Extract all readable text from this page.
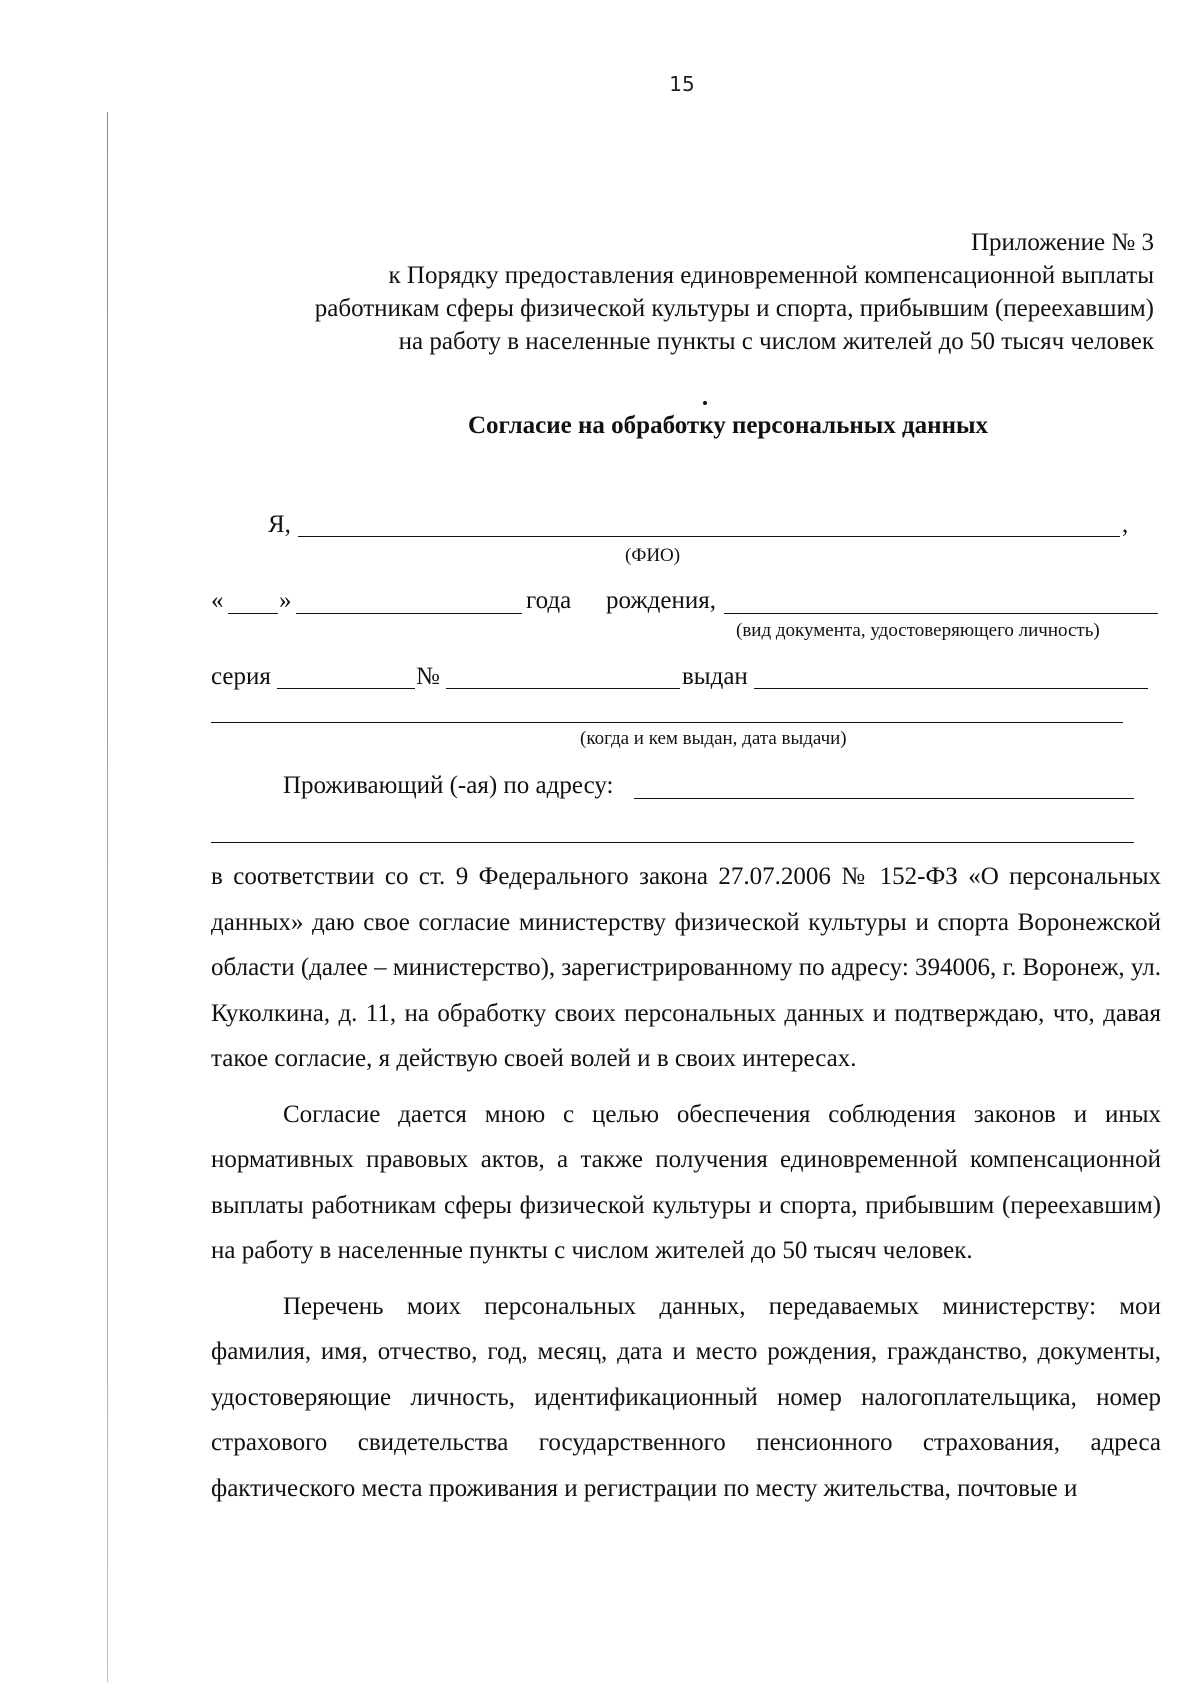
15
Приложение № 3
к Порядку предоставления единовременной компенсационной выплаты
работникам сферы физической культуры и спорта, прибывшим (переехавшим)
на работу в населенные пункты с числом жителей до 50 тысяч человек
Согласие на обработку персональных данных
Я,	,
(ФИО)
« »	года рождения,
(вид документа, удостоверяющего личность)
серия	№	выдан
(когда и кем выдан, дата выдачи)
Проживающий (-ая) по адресу:

в соответствии со ст. 9 Федерального закона 27.07.2006 № 152-ФЗ «О персональных данных» даю свое согласие министерству физической культуры и спорта Воронежской области (далее – министерство), зарегистрированному по адресу: 394006, г. Воронеж, ул. Куколкина, д. 11, на обработку своих персональных данных и подтверждаю, что, давая такое согласие, я действую своей волей и в своих интересах.

Согласие дается мною с целью обеспечения соблюдения законов и иных нормативных правовых актов, а также получения единовременной компенсационной выплаты работникам сферы физической культуры и спорта, прибывшим (переехавшим) на работу в населенные пункты с числом жителей до 50 тысяч человек.

Перечень моих персональных данных, передаваемых министерству: мои фамилия, имя, отчество, год, месяц, дата и место рождения, гражданство, документы, удостоверяющие личность, идентификационный номер налогоплательщика, номер страхового свидетельства государственного пенсионного страхования, адреса фактического места проживания и регистрации по месту жительства, почтовые и
